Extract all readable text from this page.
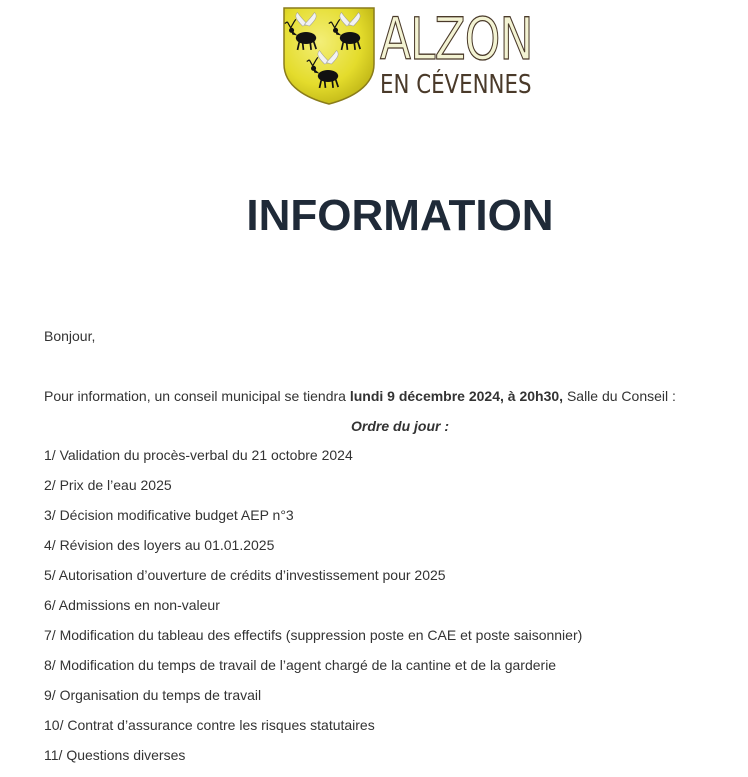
ALZON
EN CÉVENNES
INFORMATION
Bonjour,
Pour information, un conseil municipal se tiendra lundi 9 décembre 2024, à 20h30, Salle du Conseil :
Ordre du jour :
1/ Validation du procès-verbal du 21 octobre 2024
2/ Prix de l’eau 2025
3/ Décision modificative budget AEP n°3
4/ Révision des loyers au 01.01.2025
5/ Autorisation d’ouverture de crédits d’investissement pour 2025
6/ Admissions en non-valeur
7/ Modification du tableau des effectifs (suppression poste en CAE et poste saisonnier)
8/ Modification du temps de travail de l’agent chargé de la cantine et de la garderie
9/ Organisation du temps de travail
10/ Contrat d’assurance contre les risques statutaires
11/ Questions diverses
